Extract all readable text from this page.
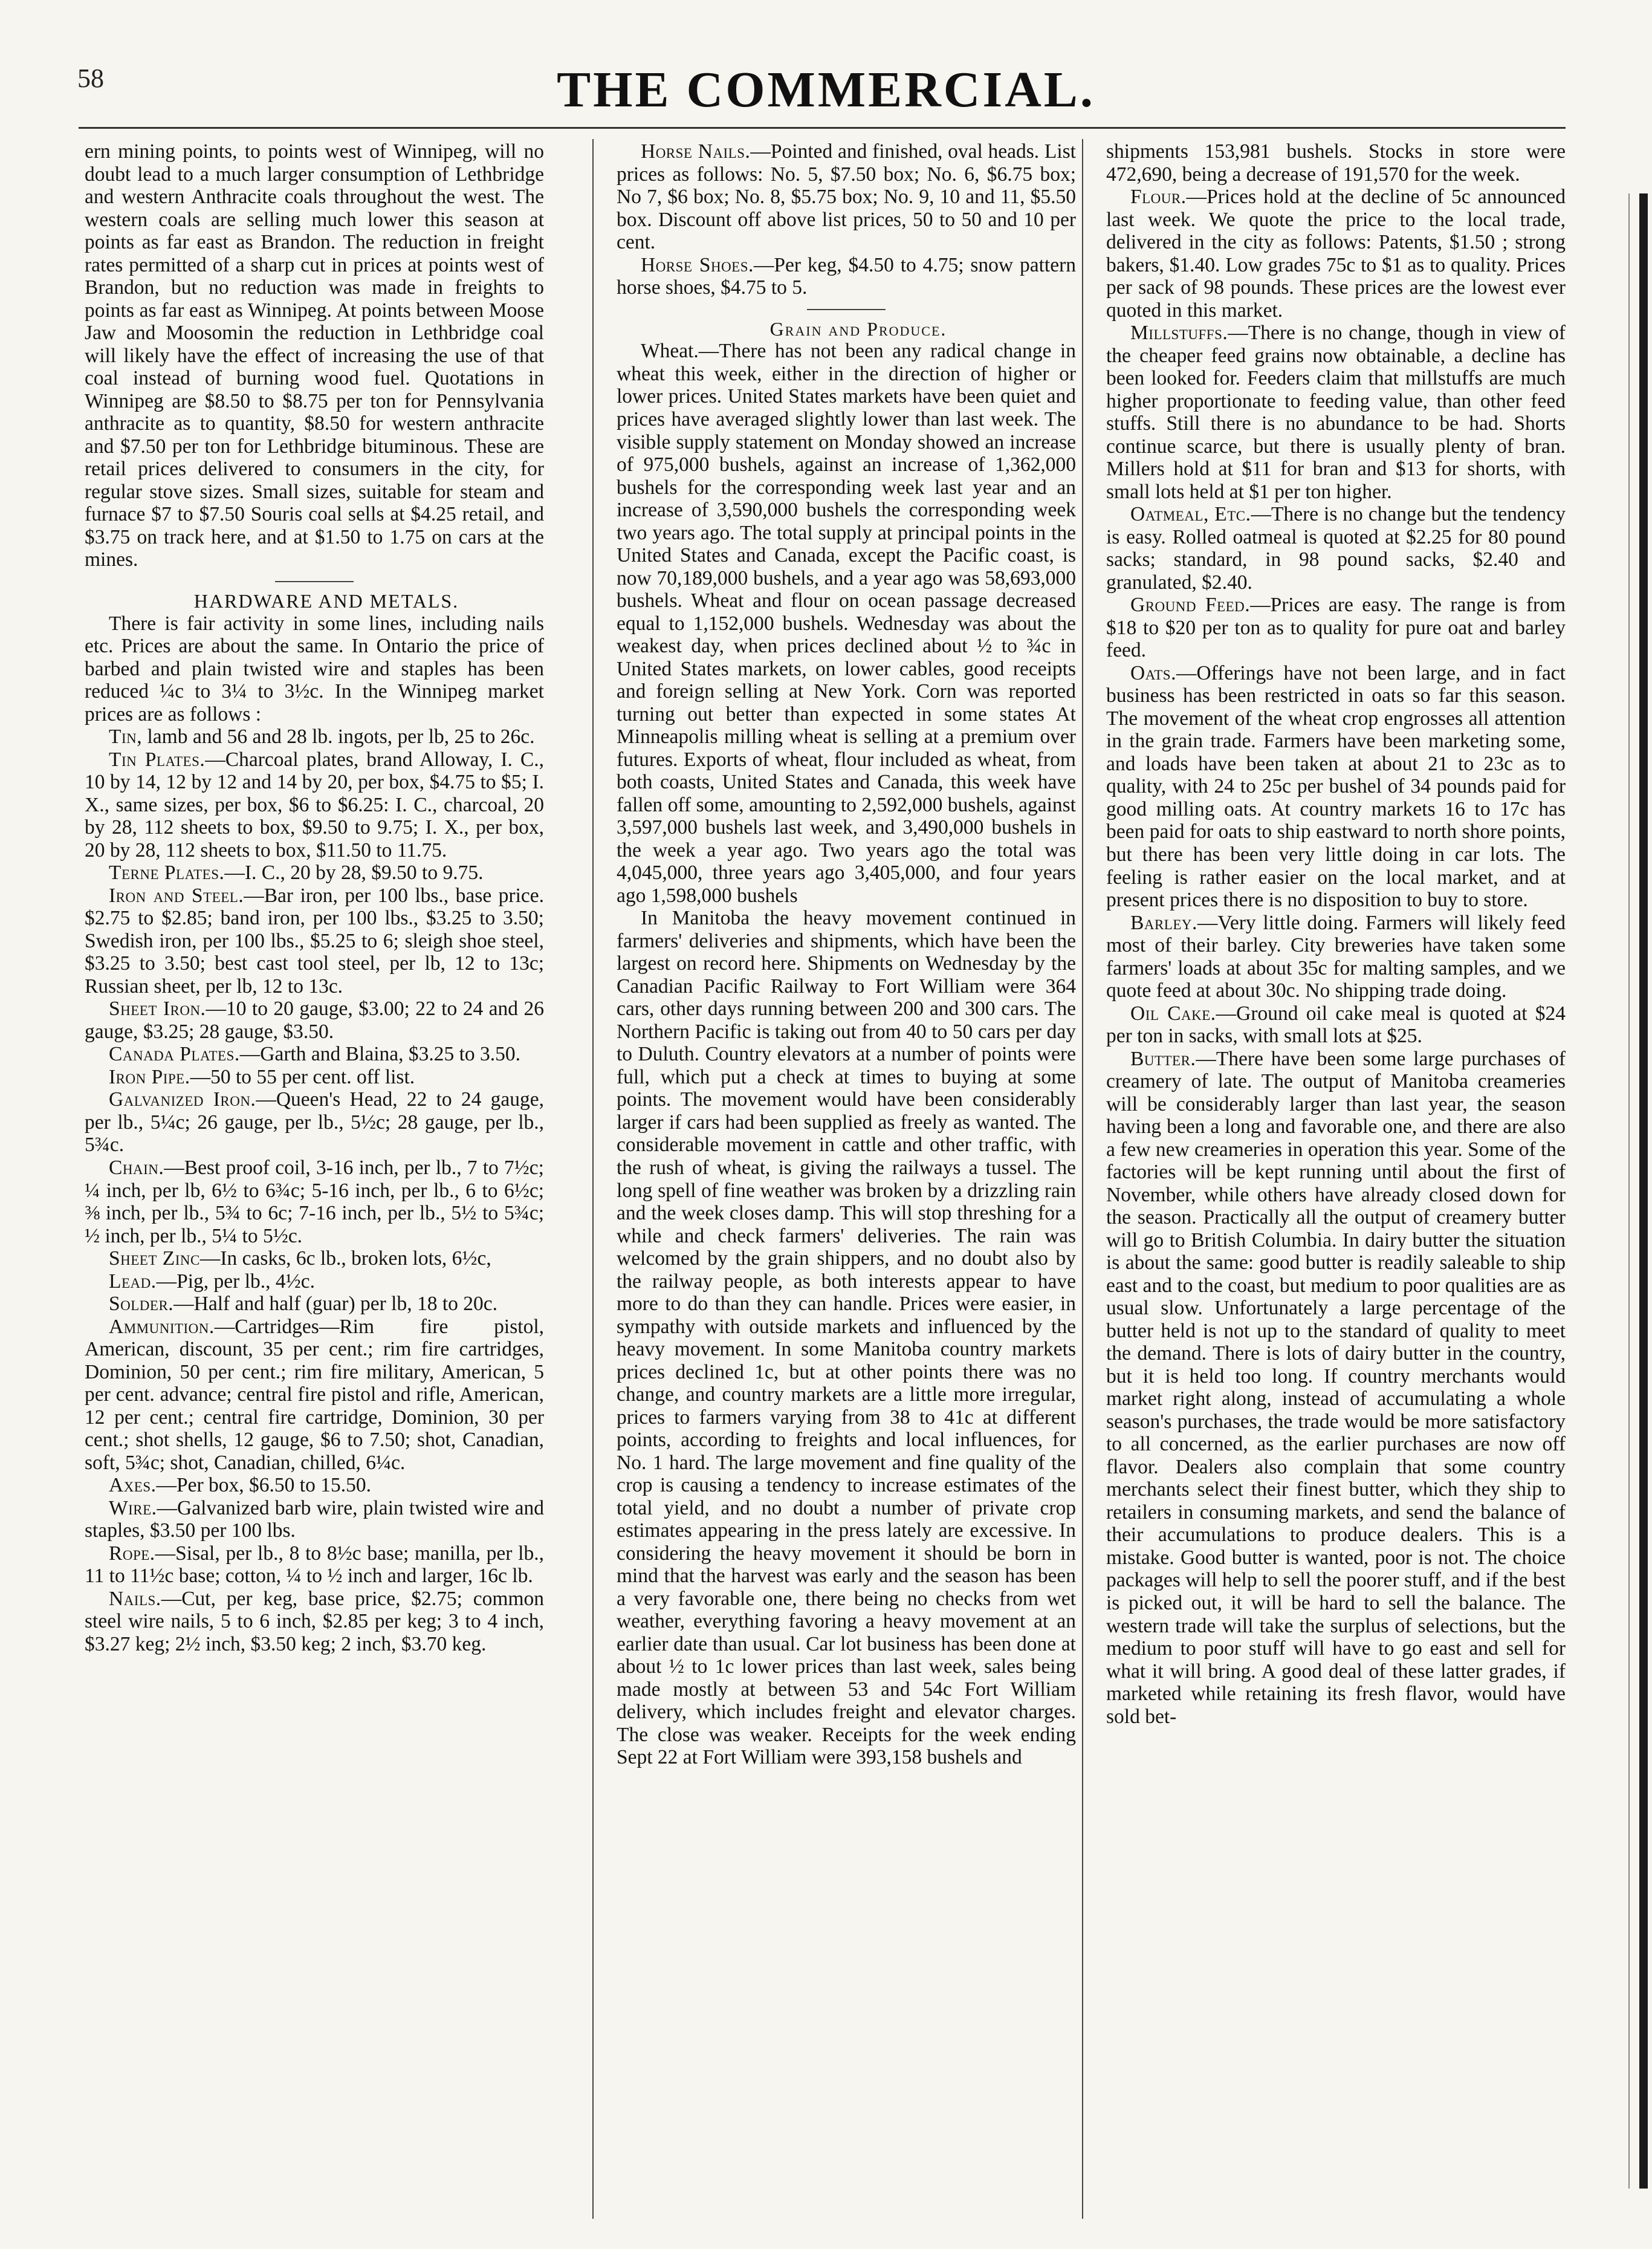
58	THE COMMERCIAL.

ern mining points, to points west of Winnipeg, will no doubt lead to a much larger consumption of Lethbridge and western Anthracite coals throughout the west. The western coals are selling much lower this season at points as far east as Brandon. The reduction in freight rates permitted of a sharp cut in prices at points west of Brandon, but no reduction was made in freights to points as far east as Winnipeg. At points between Moose Jaw and Moosomin the reduction in Lethbridge coal will likely have the effect of increasing the use of that coal instead of burning wood fuel. Quotations in Winnipeg are $8.50 to $8.75 per ton for Pennsylvania anthracite as to quantity, $8.50 for western anthracite and $7.50 per ton for Lethbridge bituminous. These are retail prices delivered to consumers in the city, for regular stove sizes. Small sizes, suitable for steam and furnace $7 to $7.50 Souris coal sells at $4.25 retail, and $3.75 on track here, and at $1.50 to 1.75 on cars at the mines.

HARDWARE AND METALS.

There is fair activity in some lines, including nails etc. Prices are about the same. In Ontario the price of barbed and plain twisted wire and staples has been reduced ¼c to 3¼ to 3½c. In the Winnipeg market prices are as follows :

Tin, lamb and 56 and 28 lb. ingots, per lb, 25 to 26c.

Tin Plates.—Charcoal plates, brand Alloway, I. C., 10 by 14, 12 by 12 and 14 by 20, per box, $4.75 to $5; I. X., same sizes, per box, $6 to $6.25: I. C., charcoal, 20 by 28, 112 sheets to box, $9.50 to 9.75; I. X., per box, 20 by 28, 112 sheets to box, $11.50 to 11.75.

Terne Plates.—I. C., 20 by 28, $9.50 to 9.75.

Iron and Steel.—Bar iron, per 100 lbs., base price. $2.75 to $2.85; band iron, per 100 lbs., $3.25 to 3.50; Swedish iron, per 100 lbs., $5.25 to 6; sleigh shoe steel, $3.25 to 3.50; best cast tool steel, per lb, 12 to 13c; Russian sheet, per lb, 12 to 13c.

Sheet Iron.—10 to 20 gauge, $3.00; 22 to 24 and 26 gauge, $3.25; 28 gauge, $3.50.

Canada Plates.—Garth and Blaina, $3.25 to 3.50.

Iron Pipe.—50 to 55 per cent. off list.

Galvanized Iron.—Queen's Head, 22 to 24 gauge, per lb., 5¼c; 26 gauge, per lb., 5½c; 28 gauge, per lb., 5¾c.

Chain.—Best proof coil, 3-16 inch, per lb., 7 to 7½c; ¼ inch, per lb, 6½ to 6¾c; 5-16 inch, per lb., 6 to 6½c; ⅜ inch, per lb., 5¾ to 6c; 7-16 inch, per lb., 5½ to 5¾c; ½ inch, per lb., 5¼ to 5½c.

Sheet Zinc—In casks, 6c lb., broken lots, 6½c,

Lead.—Pig, per lb., 4½c.

Solder.—Half and half (guar) per lb, 18 to 20c.

Ammunition.—Cartridges—Rim fire pistol, American, discount, 35 per cent.; rim fire cartridges, Dominion, 50 per cent.; rim fire military, American, 5 per cent. advance; central fire pistol and rifle, American, 12 per cent.; central fire cartridge, Dominion, 30 per cent.; shot shells, 12 gauge, $6 to 7.50; shot, Canadian, soft, 5¾c; shot, Canadian, chilled, 6¼c.

Axes.—Per box, $6.50 to 15.50.

Wire.—Galvanized barb wire, plain twisted wire and staples, $3.50 per 100 lbs.

Rope.—Sisal, per lb., 8 to 8½c base; manilla, per lb., 11 to 11½c base; cotton, ¼ to ½ inch and larger, 16c lb.

Nails.—Cut, per keg, base price, $2.75; common steel wire nails, 5 to 6 inch, $2.85 per keg; 3 to 4 inch, $3.27 keg; 2½ inch, $3.50 keg; 2 inch, $3.70 keg.

Horse Nails.—Pointed and finished, oval heads. List prices as follows: No. 5, $7.50 box; No. 6, $6.75 box; No 7, $6 box; No. 8, $5.75 box; No. 9, 10 and 11, $5.50 box. Discount off above list prices, 50 to 50 and 10 per cent.

Horse Shoes.—Per keg, $4.50 to 4.75; snow pattern horse shoes, $4.75 to 5.

Grain and Produce.

Wheat.—There has not been any radical change in wheat this week, either in the direction of higher or lower prices. United States markets have been quiet and prices have averaged slightly lower than last week. The visible supply statement on Monday showed an increase of 975,000 bushels, against an increase of 1,362,000 bushels for the corresponding week last year and an increase of 3,590,000 bushels the corresponding week two years ago. The total supply at principal points in the United States and Canada, except the Pacific coast, is now 70,189,000 bushels, and a year ago was 58,693,000 bushels. Wheat and flour on ocean passage decreased equal to 1,152,000 bushels. Wednesday was about the weakest day, when prices declined about ½ to ¾c in United States markets, on lower cables, good receipts and foreign selling at New York. Corn was reported turning out better than expected in some states At Minneapolis milling wheat is selling at a premium over futures. Exports of wheat, flour included as wheat, from both coasts, United States and Canada, this week have fallen off some, amounting to 2,592,000 bushels, against 3,597,000 bushels last week, and 3,490,000 bushels in the week a year ago. Two years ago the total was 4,045,000, three years ago 3,405,000, and four years ago 1,598,000 bushels

In Manitoba the heavy movement continued in farmers' deliveries and shipments, which have been the largest on record here. Shipments on Wednesday by the Canadian Pacific Railway to Fort William were 364 cars, other days running between 200 and 300 cars. The Northern Pacific is taking out from 40 to 50 cars per day to Duluth. Country elevators at a number of points were full, which put a check at times to buying at some points. The movement would have been considerably larger if cars had been supplied as freely as wanted. The considerable movement in cattle and other traffic, with the rush of wheat, is giving the railways a tussel. The long spell of fine weather was broken by a drizzling rain and the week closes damp. This will stop threshing for a while and check farmers' deliveries. The rain was welcomed by the grain shippers, and no doubt also by the railway people, as both interests appear to have more to do than they can handle. Prices were easier, in sympathy with outside markets and influenced by the heavy movement. In some Manitoba country markets prices declined 1c, but at other points there was no change, and country markets are a little more irregular, prices to farmers varying from 38 to 41c at different points, according to freights and local influences, for No. 1 hard. The large movement and fine quality of the crop is causing a tendency to increase estimates of the total yield, and no doubt a number of private crop estimates appearing in the press lately are excessive. In considering the heavy movement it should be born in mind that the harvest was early and the season has been a very favorable one, there being no checks from wet weather, everything favoring a heavy movement at an earlier date than usual. Car lot business has been done at about ½ to 1c lower prices than last week, sales being made mostly at between 53 and 54c Fort William delivery, which includes freight and elevator charges. The close was weaker. Receipts for the week ending Sept 22 at Fort William were 393,158 bushels and

shipments 153,981 bushels. Stocks in store were 472,690, being a decrease of 191,570 for the week.

Flour.—Prices hold at the decline of 5c announced last week. We quote the price to the local trade, delivered in the city as follows: Patents, $1.50 ; strong bakers, $1.40. Low grades 75c to $1 as to quality. Prices per sack of 98 pounds. These prices are the lowest ever quoted in this market.

Millstuffs.—There is no change, though in view of the cheaper feed grains now obtainable, a decline has been looked for. Feeders claim that millstuffs are much higher proportionate to feeding value, than other feed stuffs. Still there is no abundance to be had. Shorts continue scarce, but there is usually plenty of bran. Millers hold at $11 for bran and $13 for shorts, with small lots held at $1 per ton higher.

Oatmeal, Etc.—There is no change but the tendency is easy. Rolled oatmeal is quoted at $2.25 for 80 pound sacks; standard, in 98 pound sacks, $2.40 and granulated, $2.40.

Ground Feed.—Prices are easy. The range is from $18 to $20 per ton as to quality for pure oat and barley feed.

Oats.—Offerings have not been large, and in fact business has been restricted in oats so far this season. The movement of the wheat crop engrosses all attention in the grain trade. Farmers have been marketing some, and loads have been taken at about 21 to 23c as to quality, with 24 to 25c per bushel of 34 pounds paid for good milling oats. At country markets 16 to 17c has been paid for oats to ship eastward to north shore points, but there has been very little doing in car lots. The feeling is rather easier on the local market, and at present prices there is no disposition to buy to store.

Barley.—Very little doing. Farmers will likely feed most of their barley. City breweries have taken some farmers' loads at about 35c for malting samples, and we quote feed at about 30c. No shipping trade doing.

Oil Cake.—Ground oil cake meal is quoted at $24 per ton in sacks, with small lots at $25.

Butter.—There have been some large purchases of creamery of late. The output of Manitoba creameries will be considerably larger than last year, the season having been a long and favorable one, and there are also a few new creameries in operation this year. Some of the factories will be kept running until about the first of November, while others have already closed down for the season. Practically all the output of creamery butter will go to British Columbia. In dairy butter the situation is about the same: good butter is readily saleable to ship east and to the coast, but medium to poor qualities are as usual slow. Unfortunately a large percentage of the butter held is not up to the standard of quality to meet the demand. There is lots of dairy butter in the country, but it is held too long. If country merchants would market right along, instead of accumulating a whole season's purchases, the trade would be more satisfactory to all concerned, as the earlier purchases are now off flavor. Dealers also complain that some country merchants select their finest butter, which they ship to retailers in consuming markets, and send the balance of their accumulations to produce dealers. This is a mistake. Good butter is wanted, poor is not. The choice packages will help to sell the poorer stuff, and if the best is picked out, it will be hard to sell the balance. The western trade will take the surplus of selections, but the medium to poor stuff will have to go east and sell for what it will bring. A good deal of these latter grades, if marketed while retaining its fresh flavor, would have sold bet-
